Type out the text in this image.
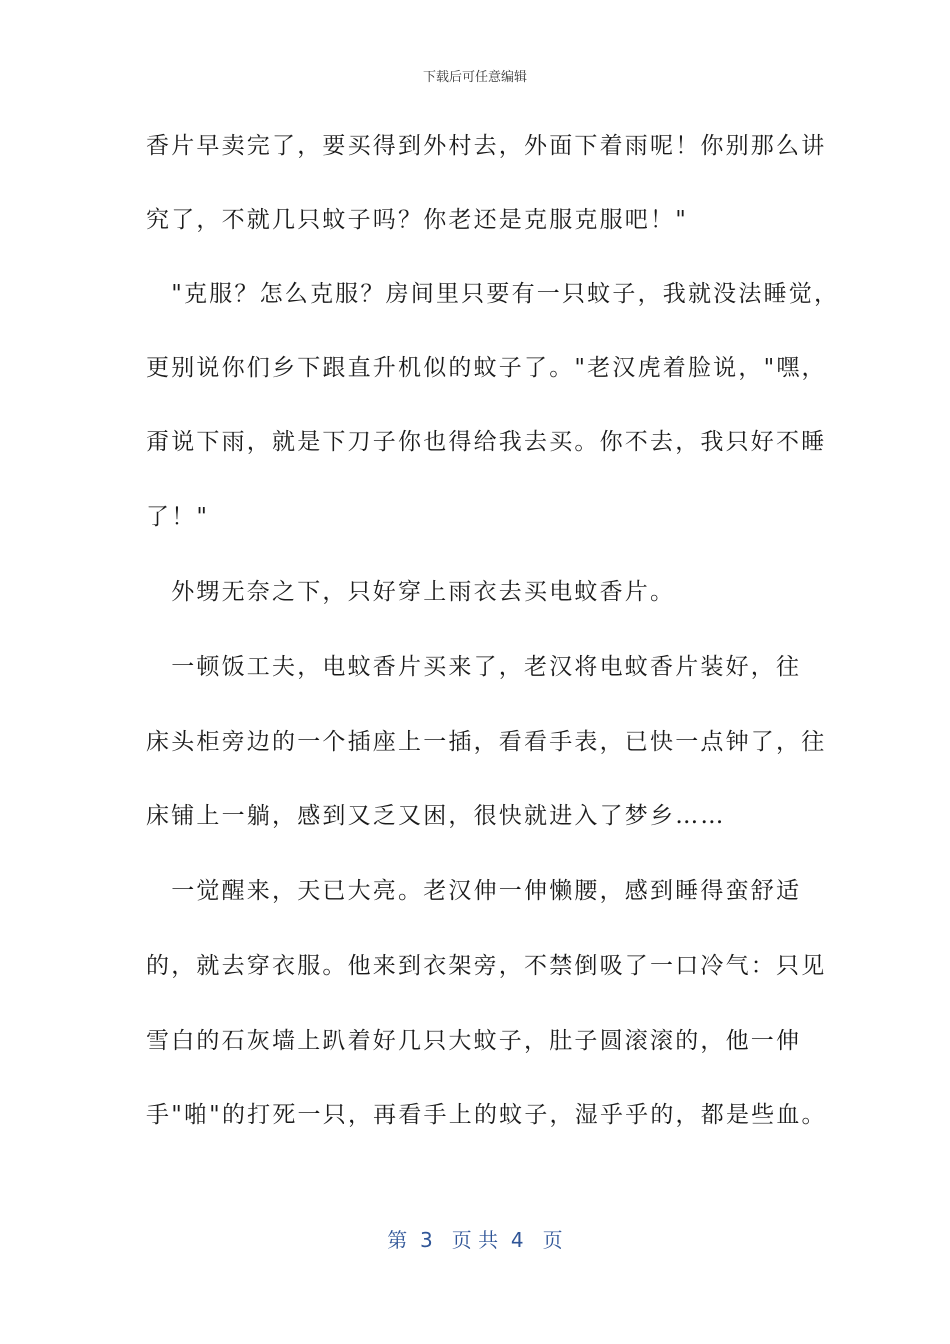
下载后可任意编辑
香片早卖完了，要买得到外村去，外面下着雨呢！你别那么讲
究了，不就几只蚊子吗？你老还是克服克服吧！"
　"克服？怎么克服？房间里只要有一只蚊子，我就没法睡觉，
更别说你们乡下跟直升机似的蚊子了。"老汉虎着脸说，"嘿，
甭说下雨，就是下刀子你也得给我去买。你不去，我只好不睡
了！"
　外甥无奈之下，只好穿上雨衣去买电蚊香片。
　一顿饭工夫，电蚊香片买来了，老汉将电蚊香片装好，往
床头柜旁边的一个插座上一插，看看手表，已快一点钟了，往
床铺上一躺，感到又乏又困，很快就进入了梦乡……
　一觉醒来，天已大亮。老汉伸一伸懒腰，感到睡得蛮舒适
的，就去穿衣服。他来到衣架旁，不禁倒吸了一口冷气：只见
雪白的石灰墙上趴着好几只大蚊子，肚子圆滚滚的，他一伸
手"啪"的打死一只，再看手上的蚊子，湿乎乎的，都是些血。
第  3   页 共  4   页
